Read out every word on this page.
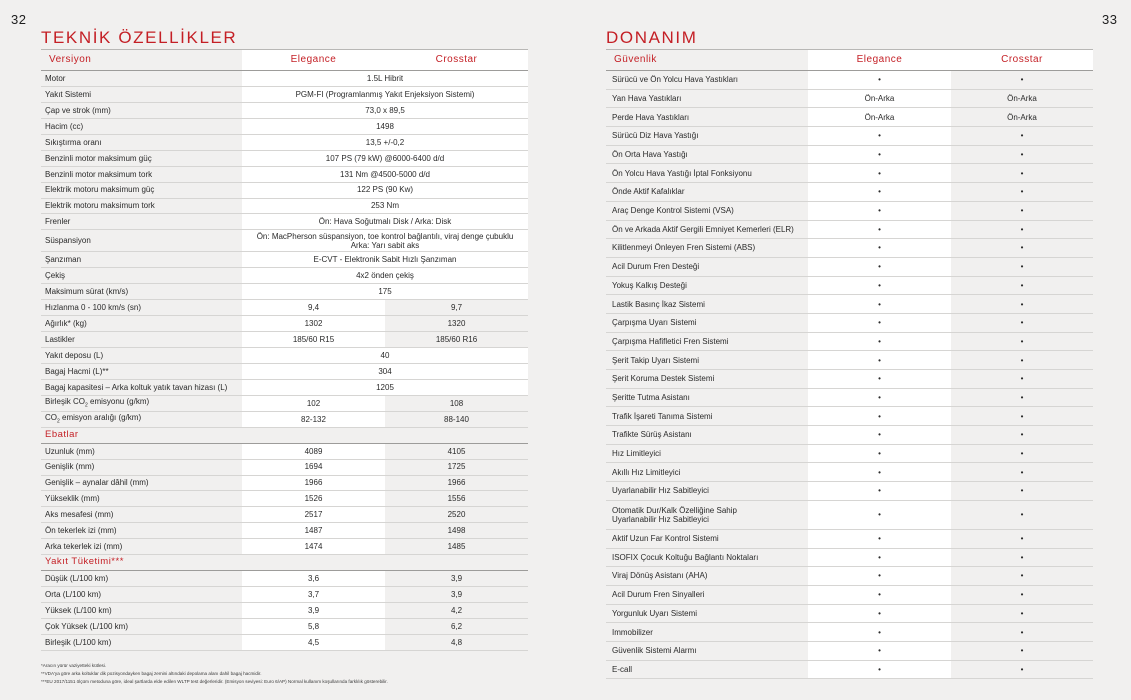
32	33
TEKNİK ÖZELLİKLER	DONANIM
Versiyon	Elegance	Crosstar
Motor	1.5L Hibrit	
Yakıt Sistemi	PGM-FI (Programlanmış Yakıt Enjeksiyon Sistemi)	
Çap ve strok (mm)	73,0 x 89,5	
Hacim (cc)	1498	
Sıkıştırma oranı	13,5 +/-0,2	
Benzinli motor maksimum güç	107 PS (79 kW) @6000-6400 d/d	
Benzinli motor maksimum tork	131 Nm @4500-5000 d/d	
Elektrik motoru maksimum güç	122 PS (90 Kw)	
Elektrik motoru maksimum tork	253 Nm	
Frenler	Ön: Hava Soğutmalı Disk / Arka: Disk	
Süspansiyon	Ön: MacPherson süspansiyon, toe kontrol bağlantılı, viraj denge çubuklu
Arka: Yarı sabit aks	

Şanzıman	E-CVT - Elektronik Sabit Hızlı Şanzıman	
Çekiş	4x2 önden çekiş	
Maksimum sürat (km/s)	175	
Hızlanma 0 - 100 km/s (sn)	9,4	9,7
Ağırlık* (kg)	1302	1320
Lastikler	185/60 R15	185/60 R16
Yakıt deposu (L)	40	
Bagaj Hacmi (L)**	304	
Bagaj kapasitesi – Arka koltuk yatık tavan hizası (L)	1205	
Birleşik $CO_2$ emisyonu (g/km)	102	108
$CO_2$ emisyon aralığı (g/km)	82-132	88-140
Ebatlar		
Uzunluk (mm)	4089	4105
Genişlik (mm)	1694	1725
Genişlik – aynalar dâhil (mm)	1966	1966
Yükseklik (mm)	1526	1556
Aks mesafesi (mm)	2517	2520
Ön tekerlek izi (mm)	1487	1498
Arka tekerlek izi (mm)	1474	1485
Yakıt Tüketimi***		
Düşük (L/100 km)	3,6	3,9
Orta (L/100 km)	3,7	3,9
Yüksek (L/100 km)	3,9	4,2
Çok Yüksek (L/100 km)	5,8	6,2
Birleşik (L/100 km)	4,5	4,8
Güvenlik	Elegance	Crosstar

Sürücü ve Ön Yolcu Hava Yastıkları	•	•

Yan Hava Yastıkları	Ön-Arka	Ön-Arka

Perde Hava Yastıkları	Ön-Arka	Ön-Arka

Sürücü Diz Hava Yastığı	•	•

Ön Orta Hava Yastığı	•	•

Ön Yolcu Hava Yastığı İptal Fonksiyonu	•	•

Önde Aktif Kafalıklar	•	•

Araç Denge Kontrol Sistemi (VSA)	•	•

Ön ve Arkada Aktif Gergili Emniyet Kemerleri (ELR)	•	•

Kilitlenmeyi Önleyen Fren Sistemi (ABS)	•	•

Acil Durum Fren Desteği	•	•

Yokuş Kalkış Desteği	•	•

Lastik Basınç İkaz Sistemi	•	•

Çarpışma Uyarı Sistemi	•	•

Çarpışma Hafifletici Fren Sistemi	•	•

Şerit Takip Uyarı Sistemi	•	•

Şerit Koruma Destek Sistemi	•	•

Şeritte Tutma Asistanı	•	•

Trafik İşareti Tanıma Sistemi	•	•

Trafikte Sürüş Asistanı	•	•

Hız Limitleyici	•	•

Akıllı Hız Limitleyici	•	•

Uyarlanabilir Hız Sabitleyici	•	•

Otomatik Dur/Kalk Özelliğine Sahip
Uyarlanabilir Hız Sabitleyici	•	•

Aktif Uzun Far Kontrol Sistemi	•	•

ISOFIX Çocuk Koltuğu Bağlantı Noktaları	•	•

Viraj Dönüş Asistanı (AHA)	•	•

Acil Durum Fren Sinyalleri	•	•

Yorgunluk Uyarı Sistemi	•	•

Immobilizer	•	•

Güvenlik Sistemi Alarmı	•	•

E-call	•	•
*Aracın yürür vaziyetteki kütlesi.
**VDA'ya göre arka koltuklar dik pozisyondayken bagaj zemini altındaki depolama alanı dahil bagaj hacmidir.
***EU 2017/1151 ölçüm metoduna göre, ideal şartlarda elde edilen WLTP test değerleridir. (Emisyon seviyesi: Euro 6/AP) Normal kullanım koşullarında farklılık gösterebilir.
